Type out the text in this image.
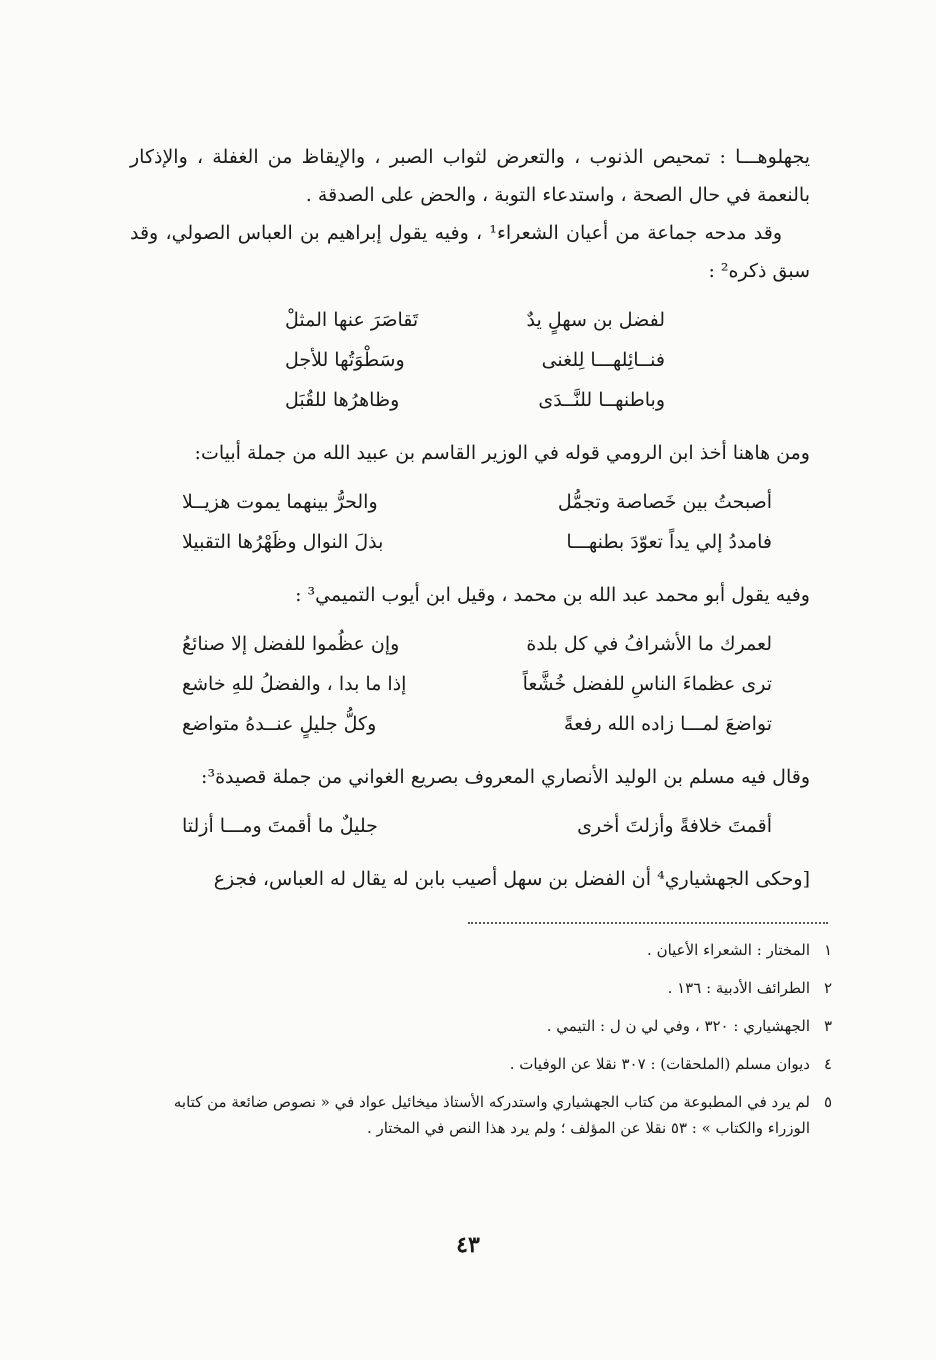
يجهلوهـــا : تمحيص الذنوب ، والتعرض لثواب الصبر ، والإيقاظ من الغفلة ، والإذكار بالنعمة في حال الصحة ، واستدعاء التوبة ، والحض على الصدقة .

وقد مدحه جماعة من أعيان الشعراء¹ ، وفيه يقول إبراهيم بن العباس الصولي، وقد سبق ذكره² :

لفضل بن سهلٍ يدٌ
تَقاصَرَ عنها المثلْ
فنــائِلهـــا لِلغنى
وسَطْوَتُها للأجل
وباطنهــا للنَّــدَى
وظاهرُها للقُبَل

ومن هاهنا أخذ ابن الرومي قوله في الوزير القاسم بن عبيد الله من جملة أبيات:

أصبحتُ بين خَصاصة وتجمُّل
والحرُّ بينهما يموت هزيــلا
فامددُ إلي يداً تعوّدَ بطنهـــا
بذلَ النوال وظَهْرُها التقبيلا

وفيه يقول أبو محمد عبد الله بن محمد ، وقيل ابن أيوب التميمي³ :

لعمرك ما الأشرافُ في كل بلدة
وإن عظُموا للفضل إلا صنائعُ
ترى عظماءَ الناسِ للفضل خُشَّعاً
إذا ما بدا ، والفضلُ للهِ خاشع
تواضعَ لمـــا زاده الله رفعةً
وكلُّ جليلٍ عنــدهُ متواضع

وقال فيه مسلم بن الوليد الأنصاري المعروف بصريع الغواني من جملة قصيدة³:

أقمتَ خلافةً وأزلتَ أخرى
جليلٌ ما أقمتَ ومـــا أزلتا

[وحكى الجهشياري⁴ أن الفضل بن سهل أصيب بابن له يقال له العباس، فجزع

١
المختار : الشعراء الأعيان .
٢
الطرائف الأدبية : ١٣٦ .
٣
الجهشياري : ٣٢٠ ، وفي لي ن ل : التيمي .
٤
ديوان مسلم (الملحقات) : ٣٠٧ نقلا عن الوفيات .
٥
لم يرد في المطبوعة من كتاب الجهشياري واستدركه الأستاذ ميخائيل عواد في « نصوص ضائعة من كتابه الوزراء والكتاب » : ٥٣ نقلا عن المؤلف ؛ ولم يرد هذا النص في المختار .
٤٣
